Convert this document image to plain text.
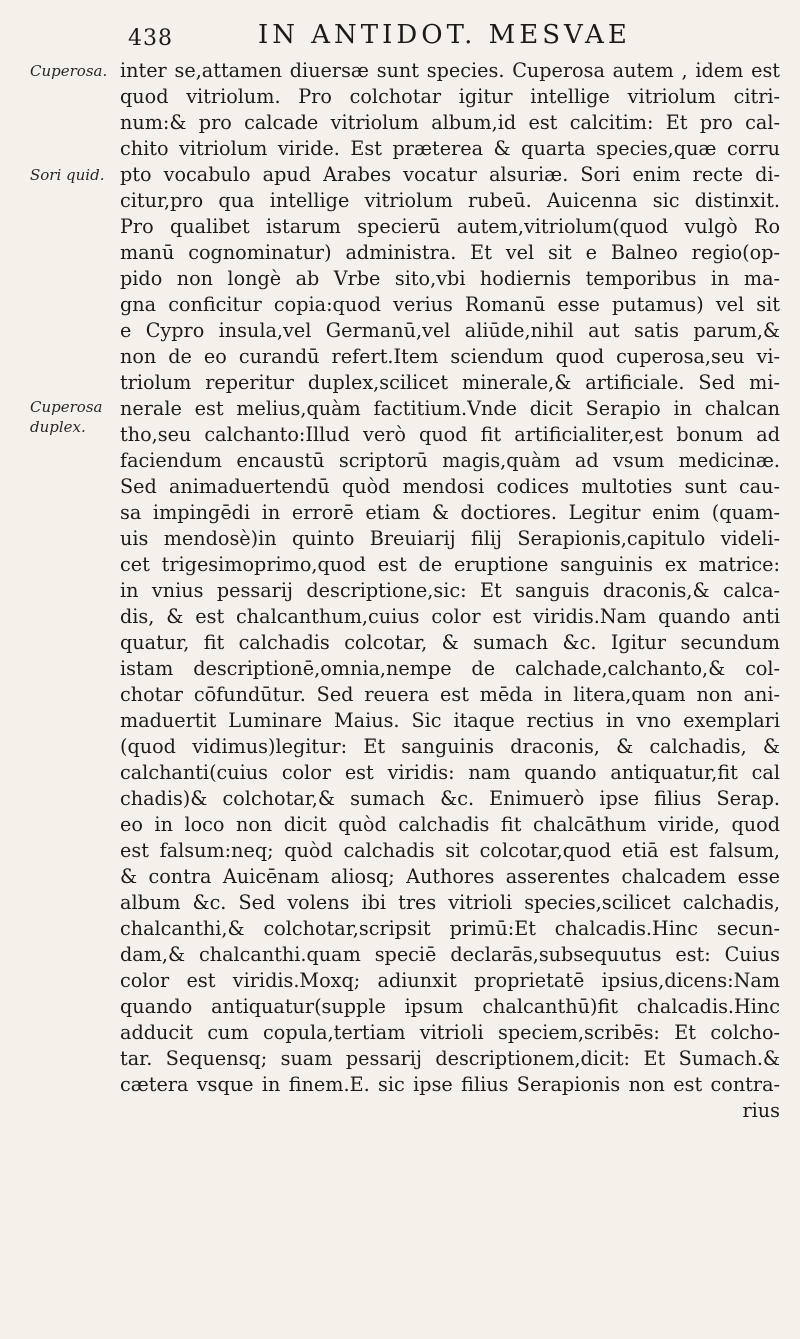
438	IN ANTIDOT. MESVAE
Cuperosa.
Sori quid.
Cuperosa
duplex.
inter se,attamen diuersæ sunt species. Cuperosa autem , idem est
quod vitriolum. Pro colchotar igitur intellige vitriolum citri-
num:& pro calcade vitriolum album,id est calcitim: Et pro cal-
chito vitriolum viride. Est prӕterea & quarta species,quӕ corru
pto vocabulo apud Arabes vocatur alsuriӕ. Sori enim recte di-
citur,pro qua intellige vitriolum rubeū. Auicenna sic distinxit.
Pro qualibet istarum specierū autem,vitriolum(quod vulgò Ro
manū cognominatur) administra. Et vel sit e Balneo regio(op-
pido non longè ab Vrbe sito,vbi hodiernis temporibus in ma-
gna conficitur copia:quod verius Romanū esse putamus) vel sit
e Cypro insula,vel Germanū,vel aliūde,nihil aut satis parum,&
non de eo curandū refert.Item sciendum quod cuperosa,seu vi-
triolum reperitur duplex,scilicet minerale,& artificiale. Sed mi-
nerale est melius,quàm factitium.Vnde dicit Serapio in chalcan
tho,seu calchanto:Illud verò quod fit artificialiter,est bonum ad
faciendum encaustū scriptorū magis,quàm ad vsum medicinӕ.
Sed animaduertendū quòd mendosi codices multoties sunt cau-
sa impingēdi in errorē etiam & doctiores. Legitur enim (quam-
uis mendosè)in quinto Breuiarij filij Serapionis,capitulo videli-
cet trigesimoprimo,quod est de eruptione sanguinis ex matrice:
in vnius pessarij descriptione,sic: Et sanguis draconis,& calca-
dis, & est chalcanthum,cuius color est viridis.Nam quando anti
quatur, fit calchadis colcotar, & sumach &c. Igitur secundum
istam descriptionē,omnia,nempe de calchade,calchanto,& col-
chotar cōfundūtur. Sed reuera est mēda in litera,quam non ani-
maduertit Luminare Maius. Sic itaque rectius in vno exemplari
(quod vidimus)legitur: Et sanguinis draconis, & calchadis, &
calchanti(cuius color est viridis: nam quando antiquatur,fit cal
chadis)& colchotar,& sumach &c. Enimuerò ipse filius Serap.
eo in loco non dicit quòd calchadis fit chalcāthum viride, quod
est falsum:neq; quòd calchadis sit colcotar,quod etiā est falsum,
& contra Auicēnam aliosq; Authores asserentes chalcadem esse
album &c. Sed volens ibi tres vitrioli species,scilicet calchadis,
chalcanthi,& colchotar,scripsit primū:Et chalcadis.Hinc secun-
dam,& chalcanthi.quam speciē declarās,subsequutus est: Cuius
color est viridis.Moxq; adiunxit proprietatē ipsius,dicens:Nam
quando antiquatur(supple ipsum chalcanthū)fit chalcadis.Hinc
adducit cum copula,tertiam vitrioli speciem,scribēs: Et colcho-
tar. Sequensq; suam pessarij descriptionem,dicit: Et Sumach.&
cӕtera vsque in finem.E. sic ipse filius Serapionis non est contra-
rius
